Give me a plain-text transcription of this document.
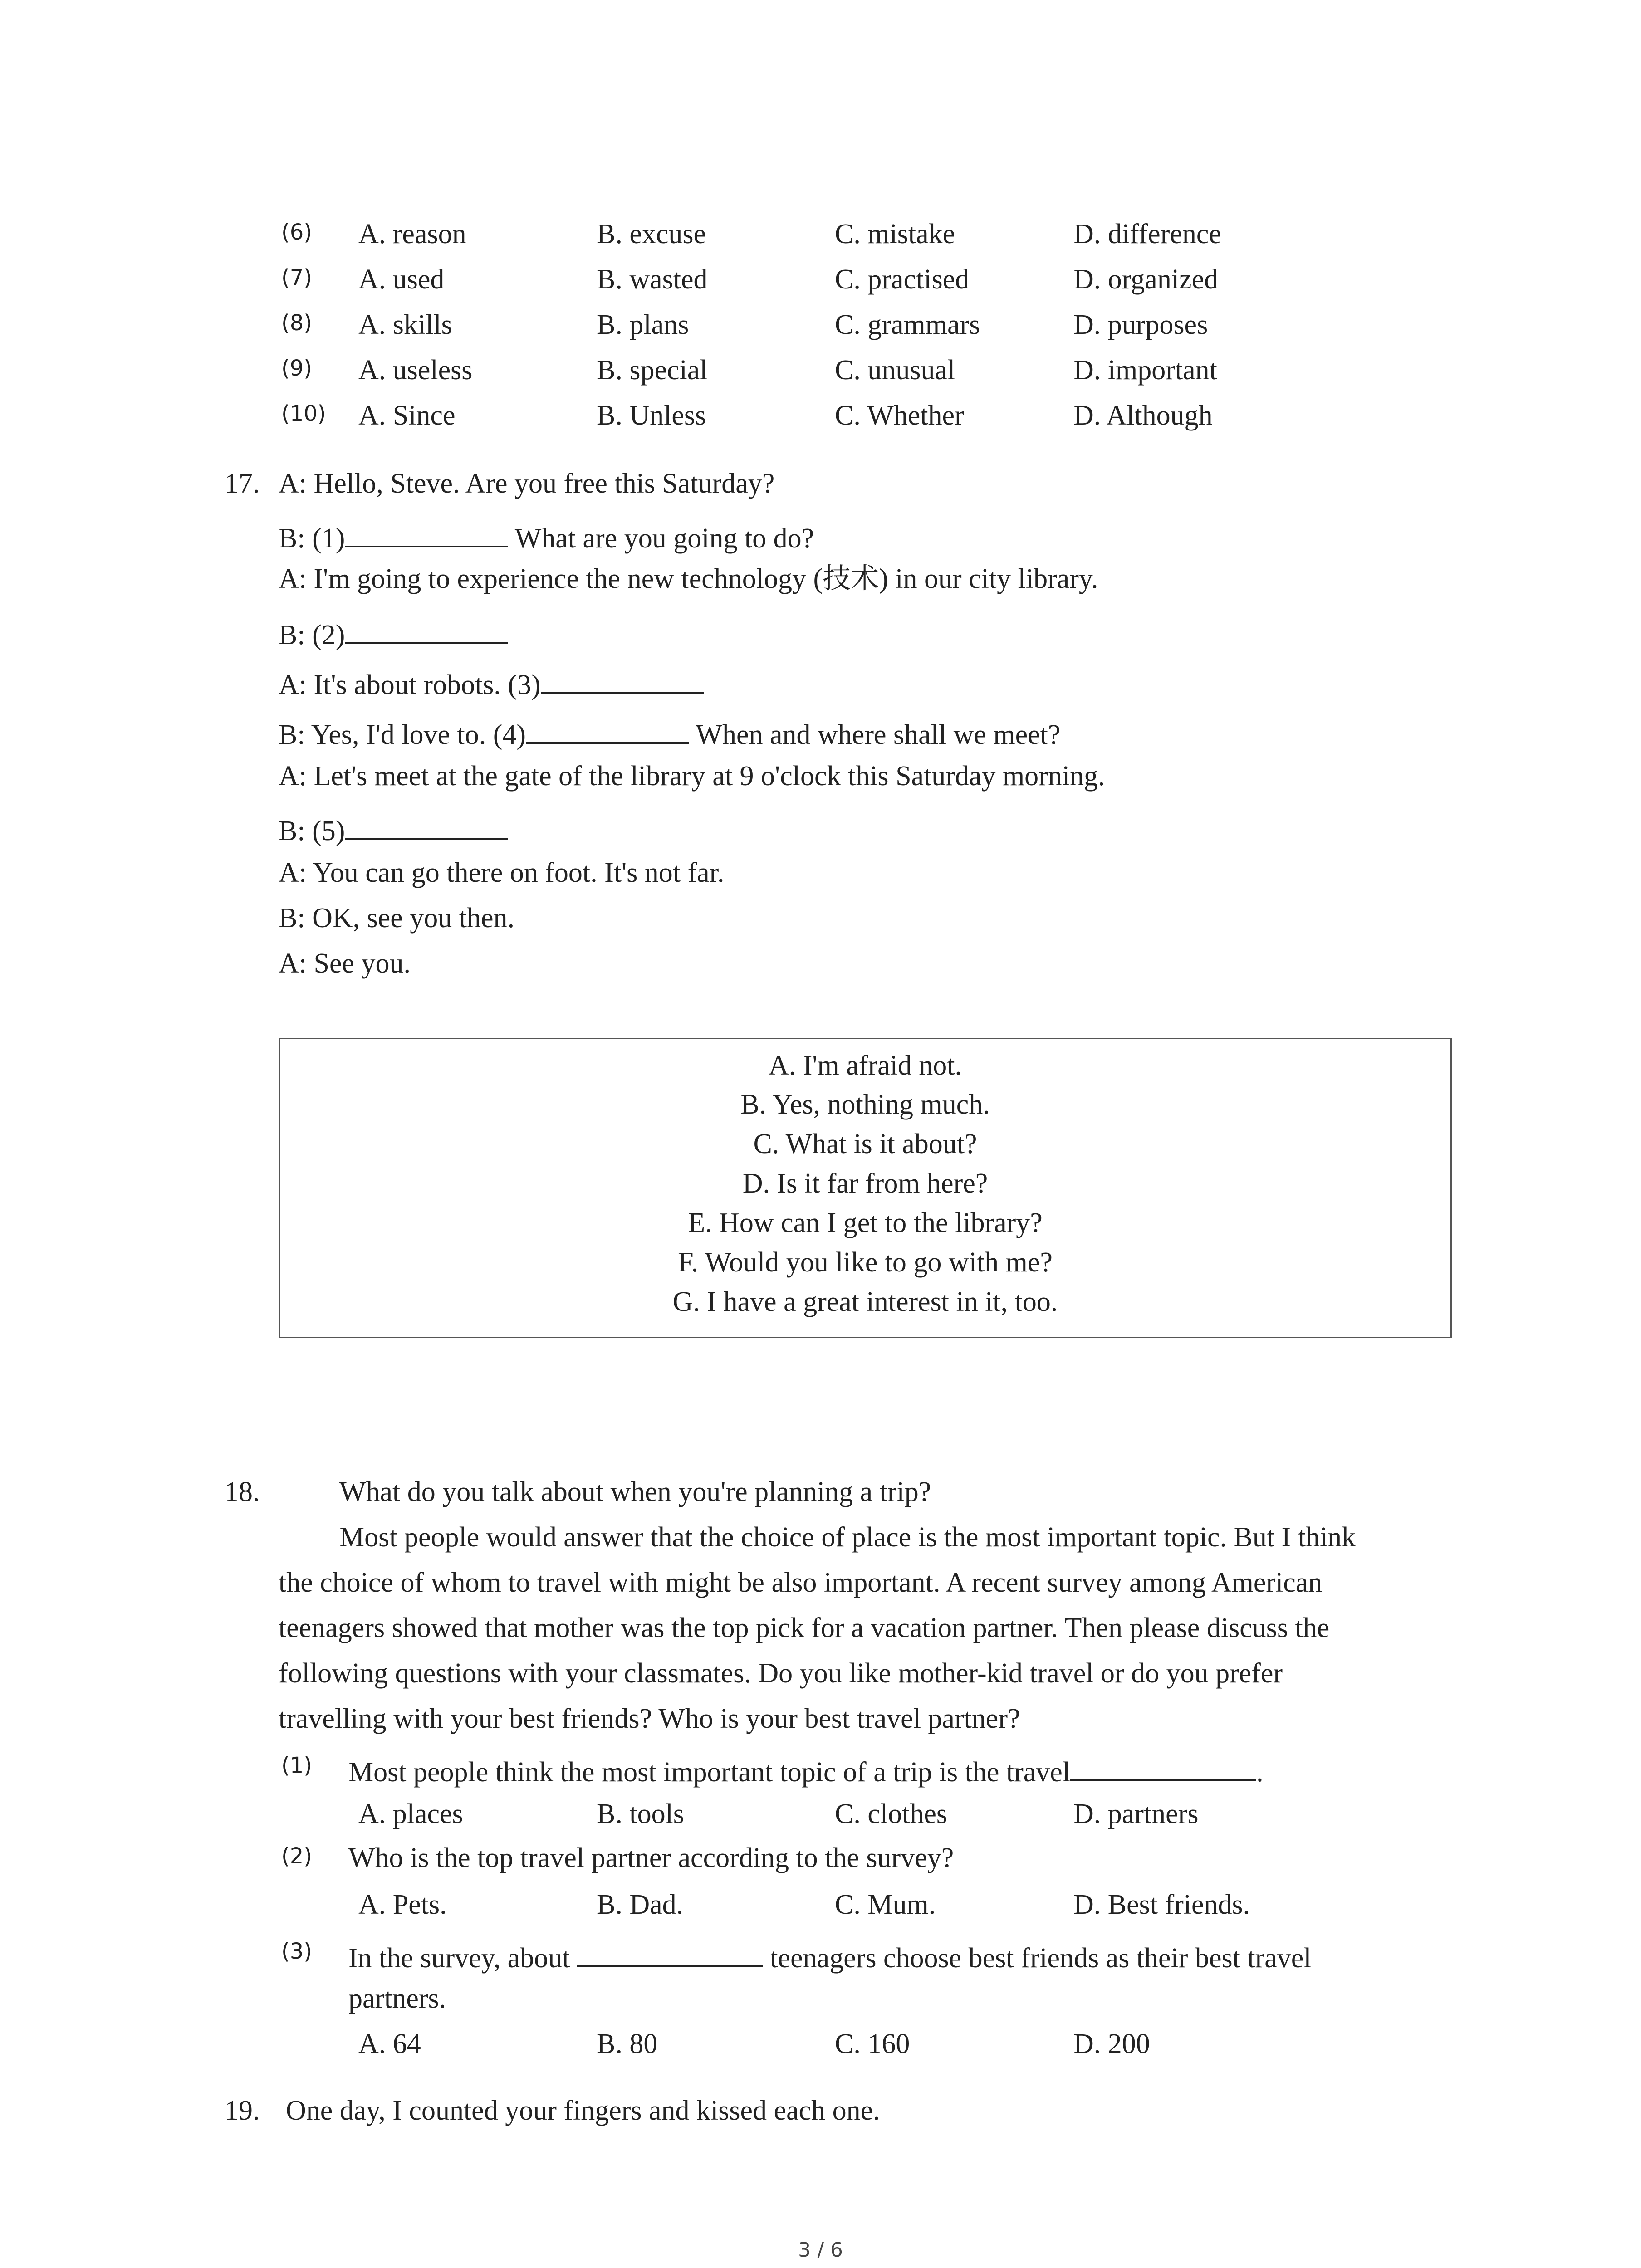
(6) A. reason	B. excuse	C. mistake	D. difference
(7) A. used	B. wasted	C. practised	D. organized
(8) A. skills	B. plans	C. grammars	D. purposes
(9) A. useless	B. special	C. unusual	D. important
(10) A. Since	B. Unless	C. Whether	D. Although
17. A: Hello, Steve. Are you free this Saturday?
B: (1)	What are you going to do?
A: I'm going to experience the new technology (技术) in our city library.
B: (2)
A: It's about robots. (3)
B: Yes, I'd love to. (4)	When and where shall we meet?
A: Let's meet at the gate of the library at 9 o'clock this Saturday morning.
B: (5)
A: You can go there on foot. It's not far.
B: OK, see you then.
A: See you.
A. I'm afraid not.
B. Yes, nothing much.
C. What is it about?
D. Is it far from here?
E. How can I get to the library?
F. Would you like to go with me?
G. I have a great interest in it, too.
18.	What do you talk about when you're planning a trip?
Most people would answer that the choice of place is the most important topic. But I think
the choice of whom to travel with might be also important. A recent survey among American
teenagers showed that mother was the top pick for a vacation partner. Then please discuss the
following questions with your classmates. Do you like mother-kid travel or do you prefer
travelling with your best friends? Who is your best travel partner?
(1) Most people think the most important topic of a trip is the travel	.
A. places	B. tools	C. clothes	D. partners
(2) Who is the top travel partner according to the survey?
A. Pets.	B. Dad.	C. Mum.	D. Best friends.
(3) In the survey, about	teenagers choose best friends as their best travel
partners.
A. 64	B. 80	C. 160	D. 200
19. One day, I counted your fingers and kissed each one.
3 / 6
